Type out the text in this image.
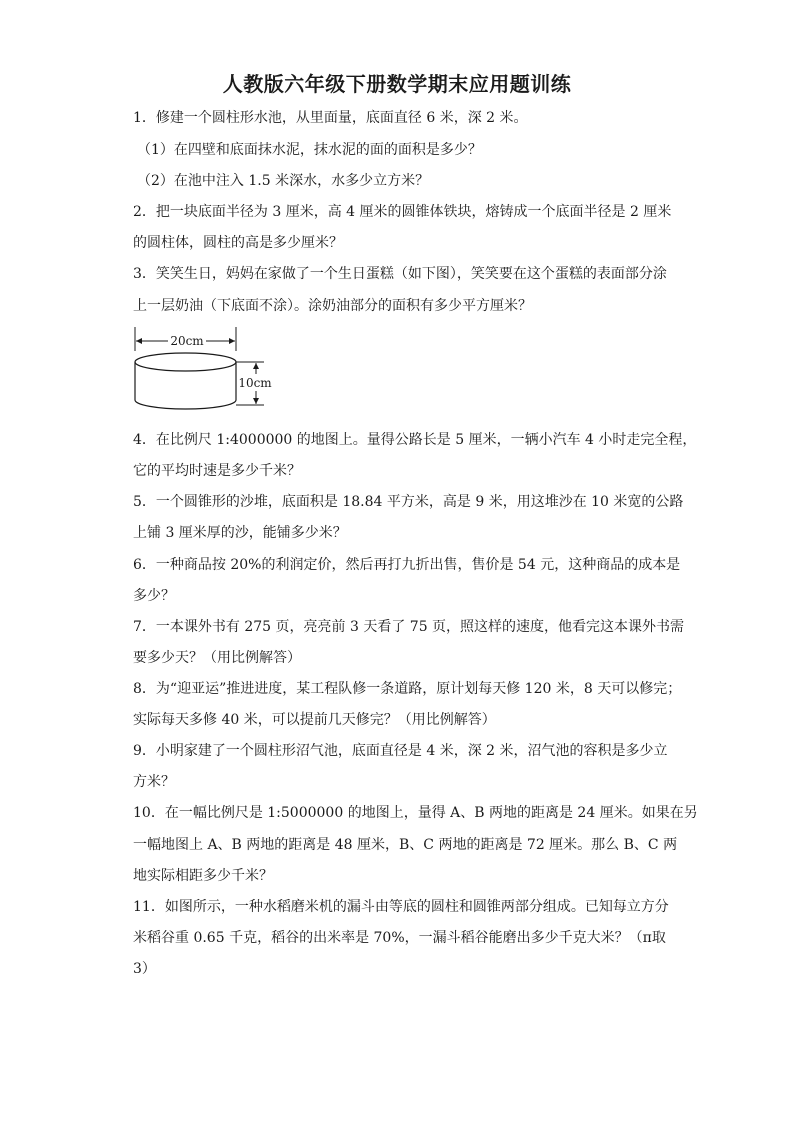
人教版六年级下册数学期末应用题训练
1．修建一个圆柱形水池，从里面量，底面直径 6 米，深 2 米。
（1）在四壁和底面抹水泥，抹水泥的面的面积是多少？
（2）在池中注入 1.5 米深水，水多少立方米？
2．把一块底面半径为 3 厘米，高 4 厘米的圆锥体铁块，熔铸成一个底面半径是 2 厘米
的圆柱体，圆柱的高是多少厘米？
3．笑笑生日，妈妈在家做了一个生日蛋糕（如下图），笑笑要在这个蛋糕的表面部分涂
上一层奶油（下底面不涂）。涂奶油部分的面积有多少平方厘米？
20cm
10cm
4．在比例尺 1:4000000 的地图上。量得公路长是 5 厘米，一辆小汽车 4 小时走完全程，
它的平均时速是多少千米？
5．一个圆锥形的沙堆，底面积是 18.84 平方米，高是 9 米，用这堆沙在 10 米宽的公路
上铺 3 厘米厚的沙，能铺多少米？
6．一种商品按 20%的利润定价，然后再打九折出售，售价是 54 元，这种商品的成本是
多少？
7．一本课外书有 275 页，亮亮前 3 天看了 75 页，照这样的速度，他看完这本课外书需
要多少天？（用比例解答）
8．为“迎亚运”推进进度，某工程队修一条道路，原计划每天修 120 米，8 天可以修完；
实际每天多修 40 米，可以提前几天修完？（用比例解答）
9．小明家建了一个圆柱形沼气池，底面直径是 4 米，深 2 米，沼气池的容积是多少立
方米？
10．在一幅比例尺是 1:5000000 的地图上，量得 A、B 两地的距离是 24 厘米。如果在另
一幅地图上 A、B 两地的距离是 48 厘米，B、C 两地的距离是 72 厘米。那么 B、C 两
地实际相距多少千米？
11．如图所示，一种水稻磨米机的漏斗由等底的圆柱和圆锥两部分组成。已知每立方分
米稻谷重 0.65 千克，稻谷的出米率是 70%，一漏斗稻谷能磨出多少千克大米？（π取
3）
